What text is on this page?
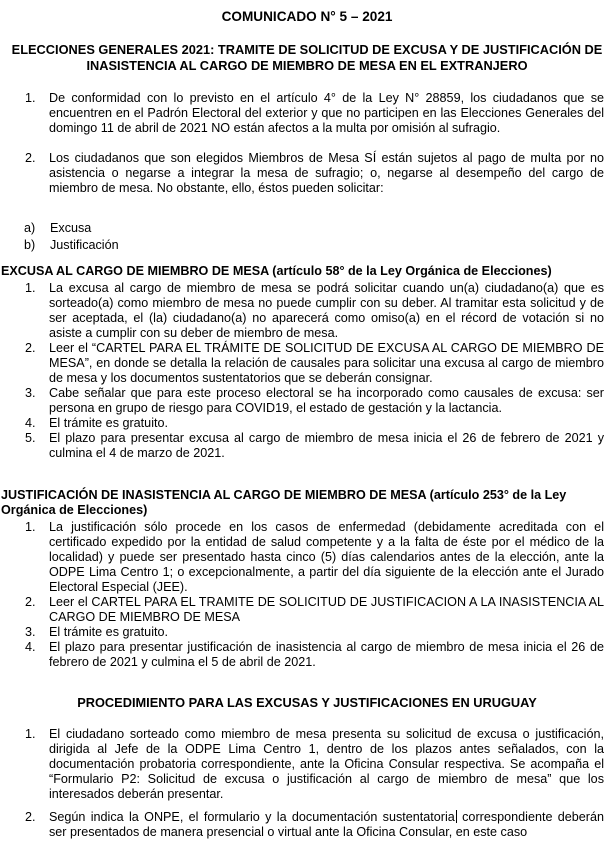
COMUNICADO N° 5 – 2021
ELECCIONES GENERALES 2021: TRAMITE DE SOLICITUD DE EXCUSA Y DE JUSTIFICACIÓN DE INASISTENCIA AL CARGO DE MIEMBRO DE MESA EN EL EXTRANJERO
1. De conformidad con lo previsto en el artículo 4° de la Ley N° 28859, los ciudadanos que se encuentren en el Padrón Electoral del exterior y que no participen en las Elecciones Generales del domingo 11 de abril de 2021 NO están afectos a la multa por omisión al sufragio.
2. Los ciudadanos que son elegidos Miembros de Mesa SÍ están sujetos al pago de multa por no asistencia o negarse a integrar la mesa de sufragio; o, negarse al desempeño del cargo de miembro de mesa. No obstante, ello, éstos pueden solicitar:
a) Excusa
b) Justificación
EXCUSA AL CARGO DE MIEMBRO DE MESA (artículo 58° de la Ley Orgánica de Elecciones)
1. La excusa al cargo de miembro de mesa se podrá solicitar cuando un(a) ciudadano(a) que es sorteado(a) como miembro de mesa no puede cumplir con su deber. Al tramitar esta solicitud y de ser aceptada, el (la) ciudadano(a) no aparecerá como omiso(a) en el récord de votación si no asiste a cumplir con su deber de miembro de mesa.
2. Leer el “CARTEL PARA EL TRÁMITE DE SOLICITUD DE EXCUSA AL CARGO DE MIEMBRO DE MESA”, en donde se detalla la relación de causales para solicitar una excusa al cargo de miembro de mesa y los documentos sustentatorios que se deberán consignar.
3. Cabe señalar que para este proceso electoral se ha incorporado como causales de excusa: ser persona en grupo de riesgo para COVID19, el estado de gestación y la lactancia.
4. El trámite es gratuito.
5. El plazo para presentar excusa al cargo de miembro de mesa inicia el 26 de febrero de 2021 y culmina el 4 de marzo de 2021.
JUSTIFICACIÓN DE INASISTENCIA AL CARGO DE MIEMBRO DE MESA (artículo 253° de la Ley Orgánica de Elecciones)
1. La justificación sólo procede en los casos de enfermedad (debidamente acreditada con el certificado expedido por la entidad de salud competente y a la falta de éste por el médico de la localidad) y puede ser presentado hasta cinco (5) días calendarios antes de la elección, ante la ODPE Lima Centro 1; o excepcionalmente, a partir del día siguiente de la elección ante el Jurado Electoral Especial (JEE).
2. Leer el CARTEL PARA EL TRAMITE DE SOLICITUD DE JUSTIFICACION A LA INASISTENCIA AL CARGO DE MIEMBRO DE MESA
3. El trámite es gratuito.
4. El plazo para presentar justificación de inasistencia al cargo de miembro de mesa inicia el 26 de febrero de 2021 y culmina el 5 de abril de 2021.
PROCEDIMIENTO PARA LAS EXCUSAS Y JUSTIFICACIONES EN URUGUAY
1. El ciudadano sorteado como miembro de mesa presenta su solicitud de excusa o justificación, dirigida al Jefe de la ODPE Lima Centro 1, dentro de los plazos antes señalados, con la documentación probatoria correspondiente, ante la Oficina Consular respectiva. Se acompaña el “Formulario P2: Solicitud de excusa o justificación al cargo de miembro de mesa” que los interesados deberán presentar.
2. Según indica la ONPE, el formulario y la documentación sustentatoria correspondiente deberán ser presentados de manera presencial o virtual ante la Oficina Consular, en este caso
